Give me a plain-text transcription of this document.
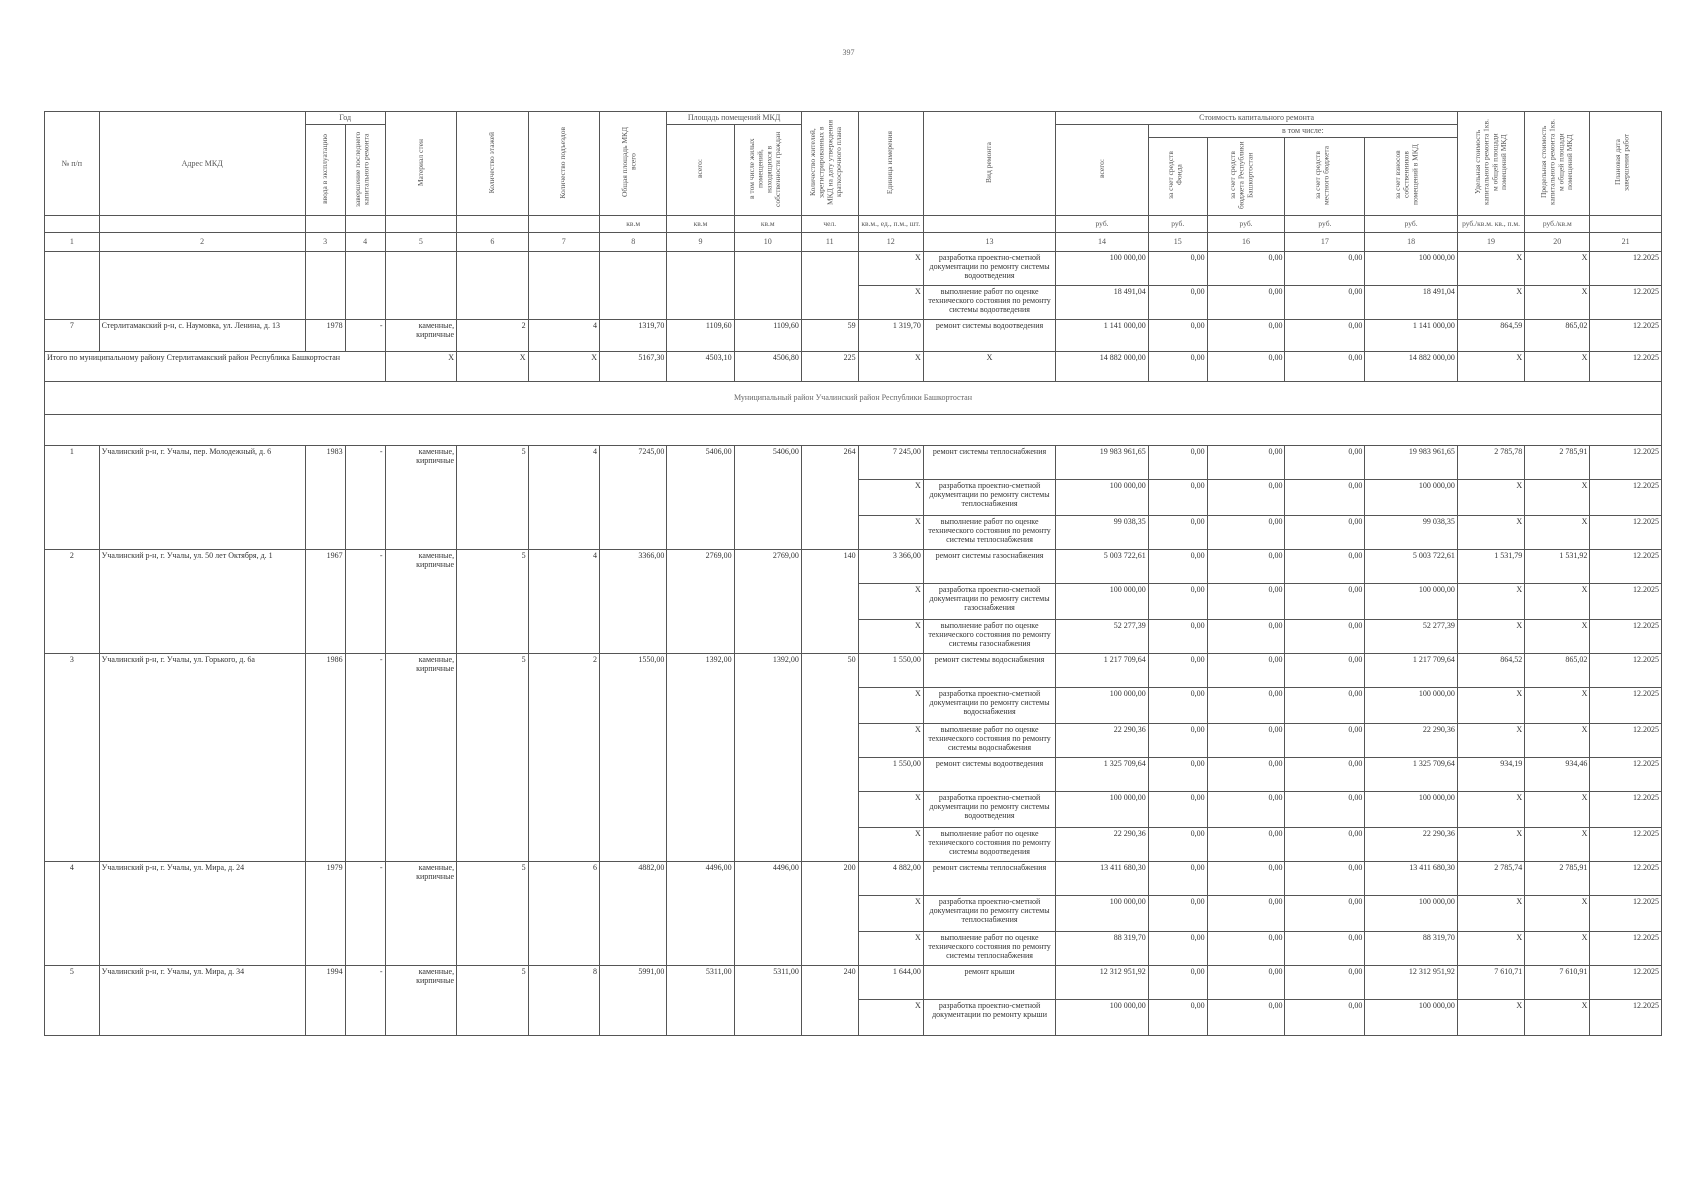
397
№ п/п	Адрес МКД	Год		Материал стен	Количество этажей	Количество подъездов	Общая площадь МКД всего	Площадь помещений МКД		Количество жителей, зарегистрированных в МКД на дату утверждения краткосрочного плана	Единица измерения	Вид ремонта	Стоимость капитального ремонта					Удельная стоимость капитального ремонта 1кв. м общей площади помещений МКД	Предельная стоимость капитального ремонта 1кв. м общей площади помещений МКД	Плановая дата завершения работ
		ввода в эксплуатацию	завершение последнего капитального ремонта					всего:	в том числе жилых помещений, находящихся в собственности граждан				всего:	в том числе:						
														за счет средств Фонда	за счет средств бюджета Республики Башкортостан	за счет средств местного бюджета	за счет взносов собственников помещений в МКД			
							кв.м	кв.м	кв.м	чел.	кв.м., ед., п.м., шт.		руб.	руб.	руб.	руб.	руб.	руб./кв.м. кв., п.м.	руб./кв.м	
1	2	3	4	5	6	7	8	9	10	11	12	13	14	15	16	17	18	19	20	21
											X	разработка проектно-сметной документации по ремонту системы водоотведения	100 000,00	0,00	0,00	0,00	100 000,00	X	X	12.2025
											X	выполнение работ по оценке технического состояния по ремонту системы водоотведения	18 491,04	0,00	0,00	0,00	18 491,04	X	X	12.2025
7	Стерлитамакский р-н, с. Наумовка, ул. Ленина, д. 13	1978	-	каменные, кирпичные	2	4	1319,70	1109,60	1109,60	59	1 319,70	ремонт системы водоотведения	1 141 000,00	0,00	0,00	0,00	1 141 000,00	864,59	865,02	12.2025
Итого по муниципальному району Стерлитамакский район Республика Башкортостан				X	X	X	5167,30	4503,10	4506,80	225	X	X	14 882 000,00	0,00	0,00	0,00	14 882 000,00	X	X	12.2025
Муниципальный район Учалинский район Республики Башкортостан																				

1	Учалинский р-н, г. Учалы, пер. Молодежный, д. 6	1983	-	каменные, кирпичные	5	4	7245,00	5406,00	5406,00	264	7 245,00	ремонт системы теплоснабжения	19 983 961,65	0,00	0,00	0,00	19 983 961,65	2 785,78	2 785,91	12.2025
											X	разработка проектно-сметной документации по ремонту системы теплоснабжения	100 000,00	0,00	0,00	0,00	100 000,00	X	X	12.2025
											X	выполнение работ по оценке технического состояния по ремонту системы теплоснабжения	99 038,35	0,00	0,00	0,00	99 038,35	X	X	12.2025
2	Учалинский р-н, г. Учалы, ул. 50 лет Октября, д. 1	1967	-	каменные, кирпичные	5	4	3366,00	2769,00	2769,00	140	3 366,00	ремонт системы газоснабжения	5 003 722,61	0,00	0,00	0,00	5 003 722,61	1 531,79	1 531,92	12.2025
											X	разработка проектно-сметной документации по ремонту системы газоснабжения	100 000,00	0,00	0,00	0,00	100 000,00	X	X	12.2025
											X	выполнение работ по оценке технического состояния по ремонту системы газоснабжения	52 277,39	0,00	0,00	0,00	52 277,39	X	X	12.2025
3	Учалинский р-н, г. Учалы, ул. Горького, д. 6а	1986	-	каменные, кирпичные	5	2	1550,00	1392,00	1392,00	50	1 550,00	ремонт системы водоснабжения	1 217 709,64	0,00	0,00	0,00	1 217 709,64	864,52	865,02	12.2025
											X	разработка проектно-сметной документации по ремонту системы водоснабжения	100 000,00	0,00	0,00	0,00	100 000,00	X	X	12.2025
											X	выполнение работ по оценке технического состояния по ремонту системы водоснабжения	22 290,36	0,00	0,00	0,00	22 290,36	X	X	12.2025
											1 550,00	ремонт системы водоотведения	1 325 709,64	0,00	0,00	0,00	1 325 709,64	934,19	934,46	12.2025
											X	разработка проектно-сметной документации по ремонту системы водоотведения	100 000,00	0,00	0,00	0,00	100 000,00	X	X	12.2025
											X	выполнение работ по оценке технического состояния по ремонту системы водоотведения	22 290,36	0,00	0,00	0,00	22 290,36	X	X	12.2025
4	Учалинский р-н, г. Учалы, ул. Мира, д. 24	1979	-	каменные, кирпичные	5	6	4882,00	4496,00	4496,00	200	4 882,00	ремонт системы теплоснабжения	13 411 680,30	0,00	0,00	0,00	13 411 680,30	2 785,74	2 785,91	12.2025
											X	разработка проектно-сметной документации по ремонту системы теплоснабжения	100 000,00	0,00	0,00	0,00	100 000,00	X	X	12.2025
											X	выполнение работ по оценке технического состояния по ремонту системы теплоснабжения	88 319,70	0,00	0,00	0,00	88 319,70	X	X	12.2025
5	Учалинский р-н, г. Учалы, ул. Мира, д. 34	1994	-	каменные, кирпичные	5	8	5991,00	5311,00	5311,00	240	1 644,00	ремонт крыши	12 312 951,92	0,00	0,00	0,00	12 312 951,92	7 610,71	7 610,91	12.2025
											X	разработка проектно-сметной документации по ремонту крыши	100 000,00	0,00	0,00	0,00	100 000,00	X	X	12.2025
